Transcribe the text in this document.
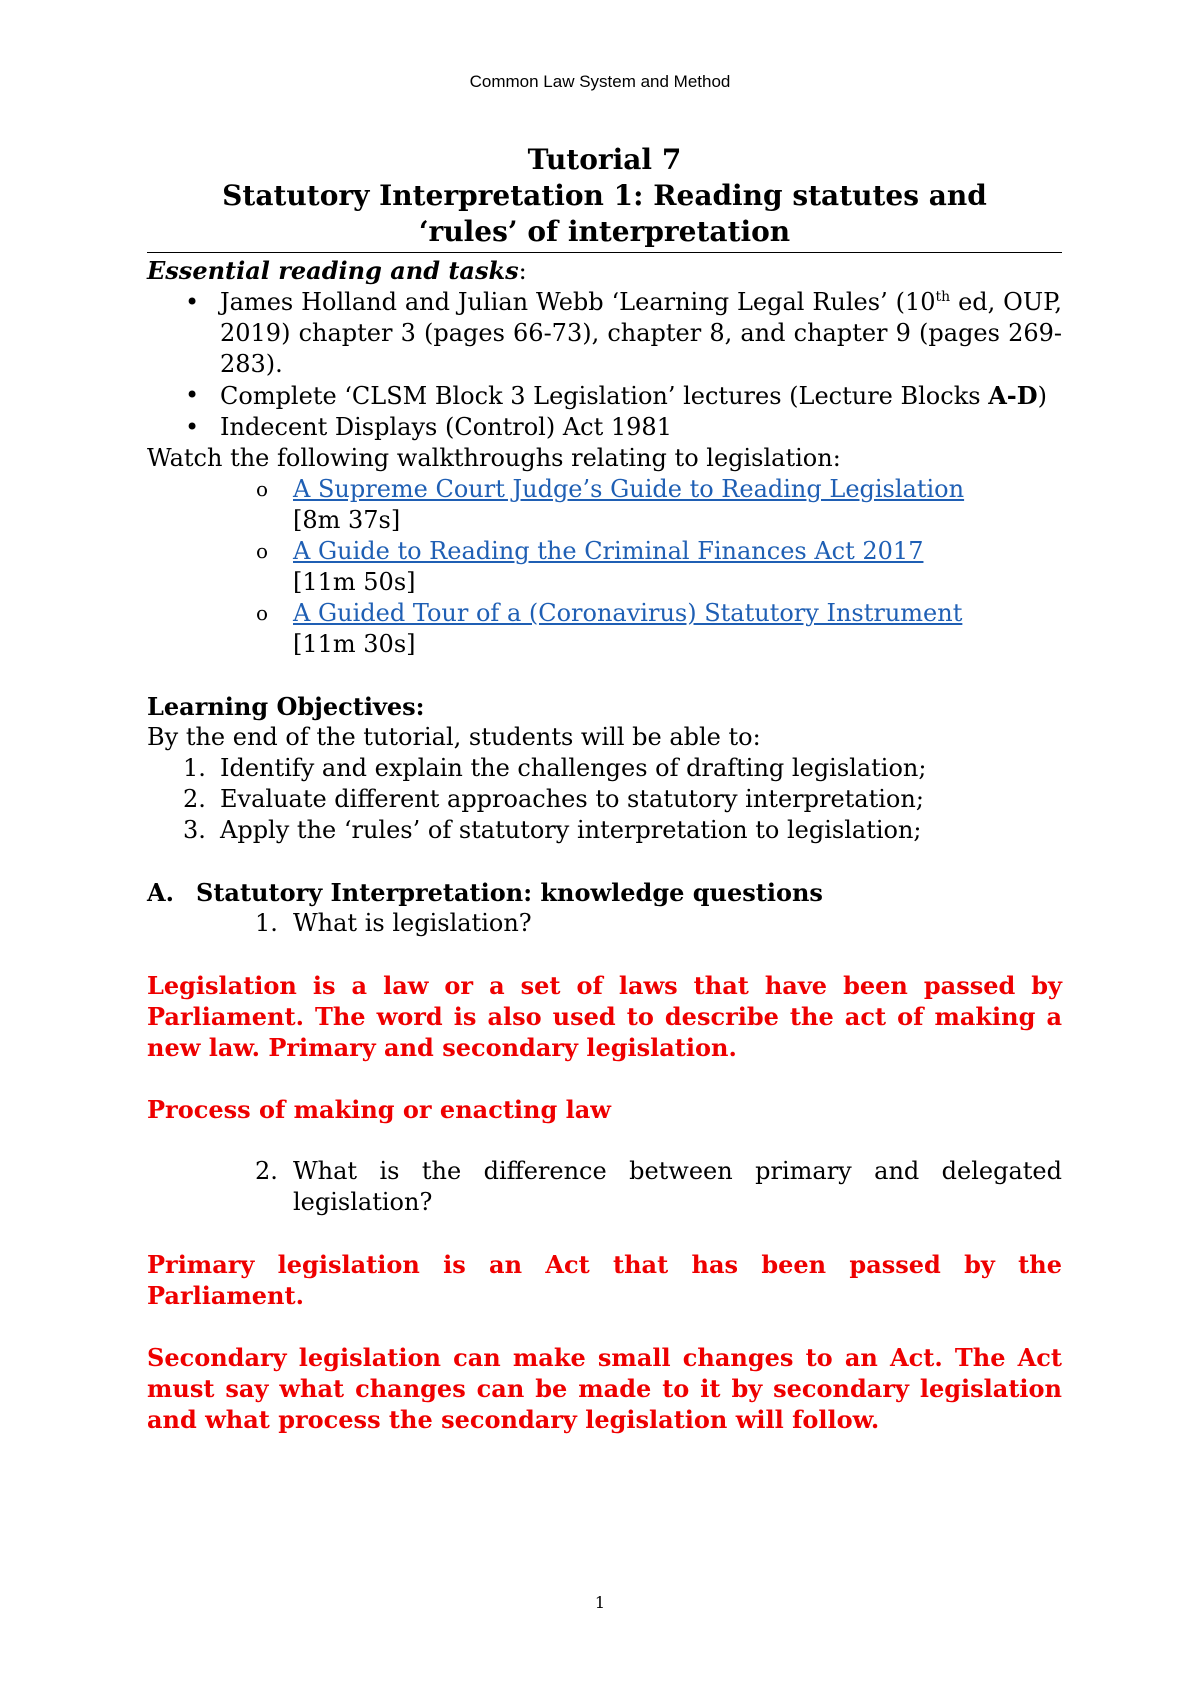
Common Law System and Method
Tutorial 7
Statutory Interpretation 1: Reading statutes and
‘rules’ of interpretation
Essential reading and tasks:
• James Holland and Julian Webb ‘Learning Legal Rules’ (10th ed, OUP, 2019) chapter 3 (pages 66-73), chapter 8, and chapter 9 (pages 269-283).
• Complete ‘CLSM Block 3 Legislation’ lectures (Lecture Blocks A-D)
• Indecent Displays (Control) Act 1981
Watch the following walkthroughs relating to legislation:
o A Supreme Court Judge’s Guide to Reading Legislation
[8m 37s]
o A Guide to Reading the Criminal Finances Act 2017
[11m 50s]
o A Guided Tour of a (Coronavirus) Statutory Instrument
[11m 30s]
Learning Objectives:
By the end of the tutorial, students will be able to:
1. Identify and explain the challenges of drafting legislation;
2. Evaluate different approaches to statutory interpretation;
3. Apply the ‘rules’ of statutory interpretation to legislation;
A. Statutory Interpretation: knowledge questions
1. What is legislation?
Legislation is a law or a set of laws that have been passed by Parliament. The word is also used to describe the act of making a new law. Primary and secondary legislation.
Process of making or enacting law
2. What is the difference between primary and delegated legislation?
Primary legislation is an Act that has been passed by the Parliament.
Secondary legislation can make small changes to an Act. The Act must say what changes can be made to it by secondary legislation and what process the secondary legislation will follow.
1
